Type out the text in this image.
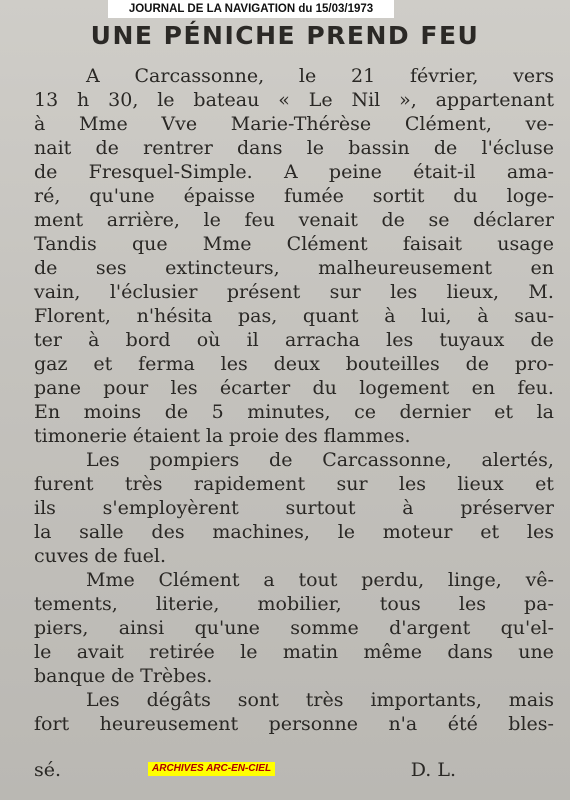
JOURNAL DE LA NAVIGATION du 15/03/1973
UNE PÉNICHE PREND FEU
A Carcassonne, le 21 février, vers
13 h 30, le bateau « Le Nil », appartenant
à Mme Vve Marie-Thérèse Clément, ve-
nait de rentrer dans le bassin de l'écluse
de Fresquel-Simple. A peine était-il ama-
ré, qu'une épaisse fumée sortit du loge-
ment arrière, le feu venait de se déclarer
Tandis que Mme Clément faisait usage
de ses extincteurs, malheureusement en
vain, l'éclusier présent sur les lieux, M.
Florent, n'hésita pas, quant à lui, à sau-
ter à bord où il arracha les tuyaux de
gaz et ferma les deux bouteilles de pro-
pane pour les écarter du logement en feu.
En moins de 5 minutes, ce dernier et la
timonerie étaient la proie des flammes.
Les pompiers de Carcassonne, alertés,
furent très rapidement sur les lieux et
ils s'employèrent surtout à préserver
la salle des machines, le moteur et les
cuves de fuel.
Mme Clément a tout perdu, linge, vê-
tements, literie, mobilier, tous les pa-
piers, ainsi qu'une somme d'argent qu'el-
le avait retirée le matin même dans une
banque de Trèbes.
Les dégâts sont très importants, mais
fort heureusement personne n'a été bles-
sé.	D. L.
ARCHIVES ARC-EN-CIEL
